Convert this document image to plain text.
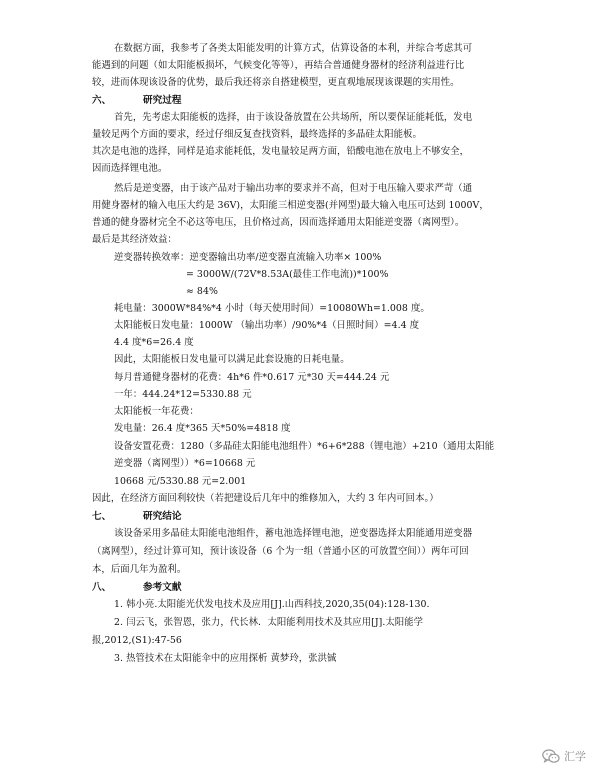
在数据方面，我参考了各类太阳能发明的计算方式，估算设备的本利，并综合考虑其可
能遇到的问题（如太阳能板损坏，气候变化等等），再结合普通健身器材的经济利益进行比
较，进而体现该设备的优势，最后我还将亲自搭建模型，更直观地展现该课题的实用性。
六、	研究过程
首先，先考虑太阳能板的选择，由于该设备放置在公共场所，所以要保证能耗低，发电
量较足两个方面的要求，经过仔细反复查找资料，最终选择的多晶硅太阳能板。
其次是电池的选择，同样是追求能耗低，发电量较足两方面，铅酸电池在放电上不够安全，
因而选择锂电池。
然后是逆变器，由于该产品对于输出功率的要求并不高，但对于电压输入要求严苛（通
用健身器材的输入电压大约是 36V)，太阳能三相逆变器(并网型)最大输入电压可达到 1000V，
普通的健身器材完全不必这等电压，且价格过高，因而选择通用太阳能逆变器（离网型）。
最后是其经济效益：
逆变器转换效率：逆变器输出功率/逆变器直流输入功率× 100%
= 3000W/(72V*8.53A(最佳工作电流))*100%
≈ 84%
耗电量：3000W*84%*4 小时（每天使用时间）=10080Wh=1.008 度。
太阳能板日发电量：1000W （输出功率）/90%*4（日照时间）=4.4 度
4.4 度*6=26.4 度
因此，太阳能板日发电量可以满足此套设施的日耗电量。
每月普通健身器材的花费：4h*6 件*0.617 元*30 天=444.24 元
一年：444.24*12=5330.88 元
太阳能板一年花费：
发电量：26.4 度*365 天*50%=4818 度
设备安置花费：1280（多晶硅太阳能电池组件）*6+6*288（锂电池）+210（通用太阳能
逆变器（离网型））*6=10668 元
10668 元/5330.88 元=2.001
因此，在经济方面回利较快（若把建设后几年中的维修加入，大约 3 年内可回本。）
七、	研究结论
该设备采用多晶硅太阳能电池组件，蓄电池选择锂电池，逆变器选择太阳能通用逆变器
（离网型），经过计算可知，预计该设备（6 个为一组（普通小区的可放置空间））两年可回
本，后面几年为盈利。
八、	参考文献
1. 韩小亮.太阳能光伏发电技术及应用[J].山西科技,2020,35(04):128-130.
2. 闫云飞，张智恩，张力，代长林．太阳能利用技术及其应用[J].太阳能学
报,2012,(S1):47-56
3. 热管技术在太阳能伞中的应用探析 黄梦玲，张洪铖
汇学
